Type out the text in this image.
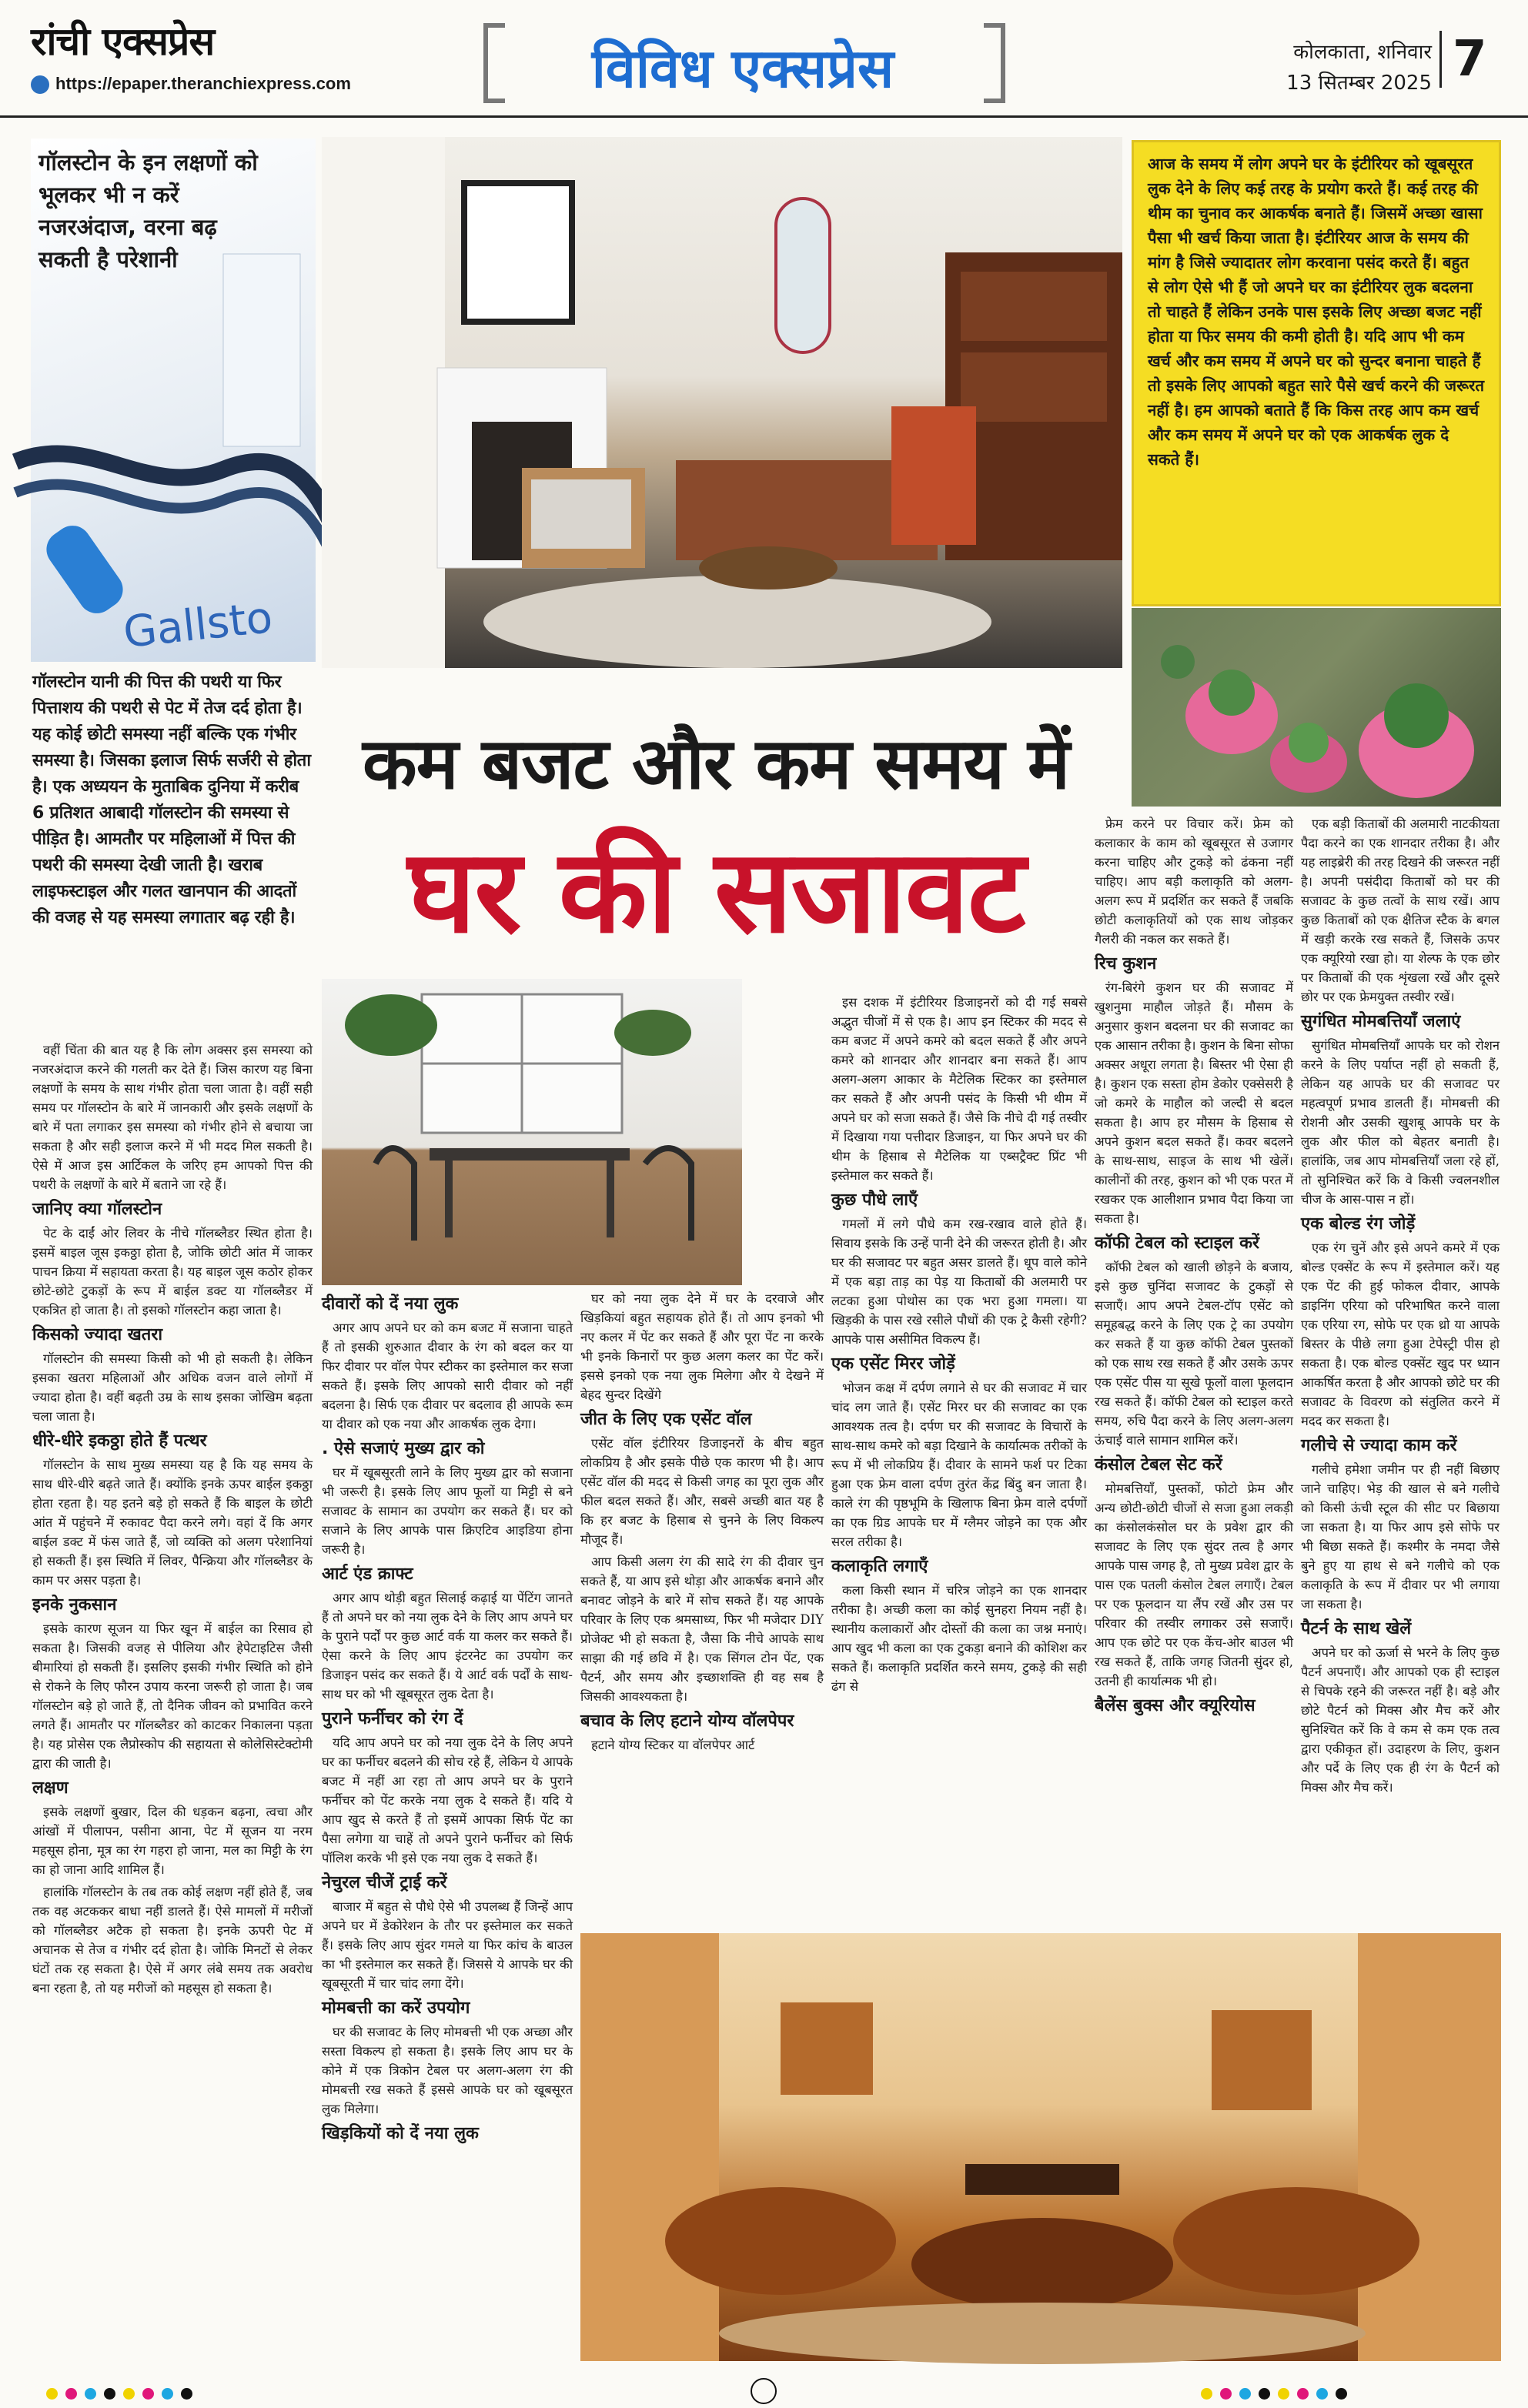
रांची एक्सप्रेस
https://epaper.theranchiexpress.com	विविध एक्सप्रेस	कोलकाता, शनिवार
13 सितम्बर 2025 7
Gallsto
गॉलस्टोन के इन लक्षणों को भूलकर भी न करें नजरअंदाज, वरना बढ़ सकती है परेशानी
गॉलस्टोन यानी की पित्त की पथरी या फिर पित्ताशय की पथरी से पेट में तेज दर्द होता है। यह कोई छोटी समस्या नहीं बल्कि एक गंभीर समस्या है। जिसका इलाज सिर्फ सर्जरी से होता है। एक अध्ययन के मुताबिक दुनिया में करीब 6 प्रतिशत आबादी गॉलस्टोन की समस्या से पीड़ित है। आमतौर पर महिलाओं में पित्त की पथरी की समस्या देखी जाती है। खराब लाइफस्टाइल और गलत खानपान की आदतों की वजह से यह समस्या लगातार बढ़ रही है।

वहीं चिंता की बात यह है कि लोग अक्सर इस समस्या को नजरअंदाज करने की गलती कर देते हैं। जिस कारण यह बिना लक्षणों के समय के साथ गंभीर होता चला जाता है। वहीं सही समय पर गॉलस्टोन के बारे में जानकारी और इसके लक्षणों के बारे में पता लगाकर इस समस्या को गंभीर होने से बचाया जा सकता है और सही इलाज करने में भी मदद मिल सकती है। ऐसे में आज इस आर्टिकल के जरिए हम आपको पित्त की पथरी के लक्षणों के बारे में बताने जा रहे हैं।

जानिए क्या गॉलस्टोन

पेट के दाईं ओर लिवर के नीचे गॉलब्लैडर स्थित होता है। इसमें बाइल जूस इकठ्ठा होता है, जोकि छोटी आंत में जाकर पाचन क्रिया में सहायता करता है। यह बाइल जूस कठोर होकर छोटे-छोटे टुकड़ों के रूप में बाईल डक्ट या गॉलब्लैडर में एकत्रित हो जाता है। तो इसको गॉलस्टोन कहा जाता है।

किसको ज्यादा खतरा

गॉलस्टोन की समस्या किसी को भी हो सकती है। लेकिन इसका खतरा महिलाओं और अधिक वजन वाले लोगों में ज्यादा होता है। वहीं बढ़ती उम्र के साथ इसका जोखिम बढ़ता चला जाता है।

धीरे-धीरे इकठ्ठा होते हैं पत्थर

गॉलस्टोन के साथ मुख्य समस्या यह है कि यह समय के साथ धीरे-धीरे बढ़ते जाते हैं। क्योंकि इनके ऊपर बाईल इकठ्ठा होता रहता है। यह इतने बड़े हो सकते हैं कि बाइल के छोटी आंत में पहुंचने में रुकावट पैदा करने लगे। वहां दें कि अगर बाईल डक्ट में फंस जाते हैं, जो व्यक्ति को अलग परेशानियां हो सकती हैं। इस स्थिति में लिवर, पैन्क्रिया और गॉलब्लैडर के काम पर असर पड़ता है।

इनके नुकसान

इसके कारण सूजन या फिर खून में बाईल का रिसाव हो सकता है। जिसकी वजह से पीलिया और हेपेटाइटिस जैसी बीमारियां हो सकती हैं। इसलिए इसकी गंभीर स्थिति को होने से रोकने के लिए फौरन उपाय करना जरूरी हो जाता है। जब गॉलस्टोन बड़े हो जाते हैं, तो दैनिक जीवन को प्रभावित करने लगते हैं। आमतौर पर गॉलब्लैडर को काटकर निकालना पड़ता है। यह प्रोसेस एक लैप्रोस्कोप की सहायता से कोलेसिस्टेक्टोमी द्वारा की जाती है।

लक्षण

इसके लक्षणों बुखार, दिल की धड़कन बढ़ना, त्वचा और आंखों में पीलापन, पसीना आना, पेट में सूजन या नरम महसूस होना, मूत्र का रंग गहरा हो जाना, मल का मिट्टी के रंग का हो जाना आदि शामिल हैं।

हालांकि गॉलस्टोन के तब तक कोई लक्षण नहीं होते हैं, जब तक वह अटककर बाधा नहीं डालते हैं। ऐसे मामलों में मरीजों को गॉलब्लैडर अटैक हो सकता है। इनके ऊपरी पेट में अचानक से तेज व गंभीर दर्द होता है। जोकि मिनटों से लेकर घंटों तक रह सकता है। ऐसे में अगर लंबे समय तक अवरोध बना रहता है, तो यह मरीजों को महसूस हो सकता है।

आज के समय में लोग अपने घर के इंटीरियर को खूबसूरत लुक देने के लिए कई तरह के प्रयोग करते हैं। कई तरह की थीम का चुनाव कर आकर्षक बनाते हैं। जिसमें अच्छा खासा पैसा भी खर्च किया जाता है। इंटीरियर आज के समय की मांग है जिसे ज्यादातर लोग करवाना पसंद करते हैं। बहुत से लोग ऐसे भी हैं जो अपने घर का इंटीरियर लुक बदलना तो चाहते हैं लेकिन उनके पास इसके लिए अच्छा बजट नहीं होता या फिर समय की कमी होती है। यदि आप भी कम खर्च और कम समय में अपने घर को सुन्दर बनाना चाहते हैं तो इसके लिए आपको बहुत सारे पैसे खर्च करने की जरूरत नहीं है। हम आपको बताते हैं कि किस तरह आप कम खर्च और कम समय में अपने घर को एक आकर्षक लुक दे सकते हैं।
कम बजट और कम समय में
घर की सजावट
दीवारों को दें नया लुक

अगर आप अपने घर को कम बजट में सजाना चाहते हैं तो इसकी शुरुआत दीवार के रंग को बदल कर या फिर दीवार पर वॉल पेपर स्टीकर का इस्तेमाल कर सजा सकते हैं। इसके लिए आपको सारी दीवार को नहीं बदलना है। सिर्फ एक दीवार पर बदलाव ही आपके रूम या दीवार को एक नया और आकर्षक लुक देगा।

. ऐसे सजाएं मुख्य द्वार को

घर में खूबसूरती लाने के लिए मुख्य द्वार को सजाना भी जरूरी है। इसके लिए आप फूलों या मिट्टी से बने सजावट के सामान का उपयोग कर सकते हैं। घर को सजाने के लिए आपके पास क्रिएटिव आइडिया होना जरूरी है।

आर्ट एंड क्राफ्ट

अगर आप थोड़ी बहुत सिलाई कढ़ाई या पेंटिंग जानते हैं तो अपने घर को नया लुक देने के लिए आप अपने घर के पुराने पर्दों पर कुछ आर्ट वर्क या कलर कर सकते हैं। ऐसा करने के लिए आप इंटरनेट का उपयोग कर डिजाइन पसंद कर सकते हैं। ये आर्ट वर्क पर्दों के साथ-साथ घर को भी खूबसूरत लुक देता है।

पुराने फर्नीचर को रंग दें

यदि आप अपने घर को नया लुक देने के लिए अपने घर का फर्नीचर बदलने की सोच रहे हैं, लेकिन ये आपके बजट में नहीं आ रहा तो आप अपने घर के पुराने फर्नीचर को पेंट करके नया लुक दे सकते हैं। यदि ये आप खुद से करते हैं तो इसमें आपका सिर्फ पेंट का पैसा लगेगा या चाहें तो अपने पुराने फर्नीचर को सिर्फ पॉलिश करके भी इसे एक नया लुक दे सकते हैं।

नेचुरल चीजें ट्राई करें

बाजार में बहुत से पौधे ऐसे भी उपलब्ध हैं जिन्हें आप अपने घर में डेकोरेशन के तौर पर इस्तेमाल कर सकते हैं। इसके लिए आप सुंदर गमले या फिर कांच के बाउल का भी इस्तेमाल कर सकते हैं। जिससे ये आपके घर की खूबसूरती में चार चांद लगा देंगे।

मोमबत्ती का करें उपयोग

घर की सजावट के लिए मोमबत्ती भी एक अच्छा और सस्ता विकल्प हो सकता है। इसके लिए आप घर के कोने में एक त्रिकोन टेबल पर अलग-अलग रंग की मोमबत्ती रख सकते हैं इससे आपके घर को खूबसूरत लुक मिलेगा।

खिड़कियों को दें नया लुक

घर को नया लुक देने में घर के दरवाजे और खिड़कियां बहुत सहायक होते हैं। तो आप इनको भी नए कलर में पेंट कर सकते हैं और पूरा पेंट ना करके भी इनके किनारों पर कुछ अलग कलर का पेंट करें। इससे इनको एक नया लुक मिलेगा और ये देखने में बेहद सुन्दर दिखेंगे

जीत के लिए एक एसेंट वॉल

एसेंट वॉल इंटीरियर डिजाइनरों के बीच बहुत लोकप्रिय है और इसके पीछे एक कारण भी है। आप एसेंट वॉल की मदद से किसी जगह का पूरा लुक और फील बदल सकते हैं। और, सबसे अच्छी बात यह है कि हर बजट के हिसाब से चुनने के लिए विकल्प मौजूद हैं।

आप किसी अलग रंग की सादे रंग की दीवार चुन सकते हैं, या आप इसे थोड़ा और आकर्षक बनाने और बनावट जोड़ने के बारे में सोच सकते हैं। यह आपके परिवार के लिए एक श्रमसाध्य, फिर भी मजेदार DIY प्रोजेक्ट भी हो सकता है, जैसा कि नीचे आपके साथ साझा की गई छवि में है। एक सिंगल टोन पेंट, एक पैटर्न, और समय और इच्छाशक्ति ही वह सब है जिसकी आवश्यकता है।

बचाव के लिए हटाने योग्य वॉलपेपर

हटाने योग्य स्टिकर या वॉलपेपर आर्ट

इस दशक में इंटीरियर डिजाइनरों को दी गई सबसे अद्भुत चीजों में से एक है। आप इन स्टिकर की मदद से कम बजट में अपने कमरे को बदल सकते हैं और अपने कमरे को शानदार और शानदार बना सकते हैं। आप अलग-अलग आकार के मैटेलिक स्टिकर का इस्तेमाल कर सकते हैं और अपनी पसंद के किसी भी थीम में अपने घर को सजा सकते हैं। जैसे कि नीचे दी गई तस्वीर में दिखाया गया पत्तीदार डिजाइन, या फिर अपने घर की थीम के हिसाब से मैटेलिक या एब्सट्रैक्ट प्रिंट भी इस्तेमाल कर सकते हैं।

कुछ पौधे लाएँ

गमलों में लगे पौधे कम रख-रखाव वाले होते हैं। सिवाय इसके कि उन्हें पानी देने की जरूरत होती है। और घर की सजावट पर बहुत असर डालते हैं। धूप वाले कोने में एक बड़ा ताड़ का पेड़ या किताबों की अलमारी पर लटका हुआ पोथोस का एक भरा हुआ गमला। या खिड़की के पास रखे रसीले पौधों की एक ट्रे कैसी रहेगी? आपके पास असीमित विकल्प हैं।

एक एसेंट मिरर जोड़ें

भोजन कक्ष में दर्पण लगाने से घर की सजावट में चार चांद लग जाते हैं। एसेंट मिरर घर की सजावट का एक आवश्यक तत्व है। दर्पण घर की सजावट के विचारों के साथ-साथ कमरे को बड़ा दिखाने के कार्यात्मक तरीकों के रूप में भी लोकप्रिय हैं। दीवार के सामने फर्श पर टिका हुआ एक फ्रेम वाला दर्पण तुरंत केंद्र बिंदु बन जाता है। काले रंग की पृष्ठभूमि के खिलाफ बिना फ्रेम वाले दर्पणों का एक ग्रिड आपके घर में ग्लैमर जोड़ने का एक और सरल तरीका है।

कलाकृति लगाएँ

कला किसी स्थान में चरित्र जोड़ने का एक शानदार तरीका है। अच्छी कला का कोई सुनहरा नियम नहीं है। स्थानीय कलाकारों और दोस्तों की कला का जश्न मनाएं। आप खुद भी कला का एक टुकड़ा बनाने की कोशिश कर सकते हैं। कलाकृति प्रदर्शित करने समय, टुकड़े की सही ढंग से

फ्रेम करने पर विचार करें। फ्रेम को कलाकार के काम को खूबसूरत से उजागर करना चाहिए और टुकड़े को ढंकना नहीं चाहिए। आप बड़ी कलाकृति को अलग-अलग रूप में प्रदर्शित कर सकते हैं जबकि छोटी कलाकृतियों को एक साथ जोड़कर गैलरी की नकल कर सकते हैं।

रिच कुशन

रंग-बिरंगे कुशन घर की सजावट में खुशनुमा माहौल जोड़ते हैं। मौसम के अनुसार कुशन बदलना घर की सजावट का एक आसान तरीका है। कुशन के बिना सोफा अक्सर अधूरा लगता है। बिस्तर भी ऐसा ही है। कुशन एक सस्ता होम डेकोर एक्सेसरी है जो कमरे के माहौल को जल्दी से बदल सकता है। आप हर मौसम के हिसाब से अपने कुशन बदल सकते हैं। कवर बदलने के साथ-साथ, साइज के साथ भी खेलें। कालीनों की तरह, कुशन को भी एक परत में रखकर एक आलीशान प्रभाव पैदा किया जा सकता है।

कॉफी टेबल को स्टाइल करें

कॉफी टेबल को खाली छोड़ने के बजाय, इसे कुछ चुनिंदा सजावट के टुकड़ों से सजाएँ। आप अपने टेबल-टॉप एसेंट को समूहबद्ध करने के लिए एक ट्रे का उपयोग कर सकते हैं या कुछ कॉफी टेबल पुस्तकों को एक साथ रख सकते हैं और उसके ऊपर एक एसेंट पीस या सूखे फूलों वाला फूलदान रख सकते हैं। कॉफी टेबल को स्टाइल करते समय, रुचि पैदा करने के लिए अलग-अलग ऊंचाई वाले सामान शामिल करें।

कंसोल टेबल सेट करें

मोमबत्तियाँ, पुस्तकों, फोटो फ्रेम और अन्य छोटी-छोटी चीजों से सजा हुआ लकड़ी का कंसोलकंसोल घर के प्रवेश द्वार की सजावट के लिए एक सुंदर तत्व है अगर आपके पास जगह है, तो मुख्य प्रवेश द्वार के पास एक पतली कंसोल टेबल लगाएँ। टेबल पर एक फूलदान या लैंप रखें और उस पर परिवार की तस्वीर लगाकर उसे सजाएँ। आप एक छोटे पर एक केंच-ओर बाउल भी रख सकते हैं, ताकि जगह जितनी सुंदर हो, उतनी ही कार्यात्मक भी हो।

बैलेंस बुक्स और क्यूरियोस

एक बड़ी किताबों की अलमारी नाटकीयता पैदा करने का एक शानदार तरीका है। और यह लाइब्रेरी की तरह दिखने की जरूरत नहीं है। अपनी पसंदीदा किताबों को घर की सजावट के कुछ तत्वों के साथ रखें। आप कुछ किताबों को एक क्षैतिज स्टैक के बगल में खड़ी करके रख सकते हैं, जिसके ऊपर एक क्यूरियो रखा हो। या शेल्फ के एक छोर पर किताबों की एक शृंखला रखें और दूसरे छोर पर एक फ्रेमयुक्त तस्वीर रखें।

सुगंधित मोमबत्तियाँ जलाएं

सुगंधित मोमबत्तियाँ आपके घर को रोशन करने के लिए पर्याप्त नहीं हो सकती हैं, लेकिन यह आपके घर की सजावट पर महत्वपूर्ण प्रभाव डालती हैं। मोमबत्ती की रोशनी और उसकी खुशबू आपके घर के लुक और फील को बेहतर बनाती है। हालांकि, जब आप मोमबत्तियाँ जला रहे हों, तो सुनिश्चित करें कि वे किसी ज्वलनशील चीज के आस-पास न हों।

एक बोल्ड रंग जोड़ें

एक रंग चुनें और इसे अपने कमरे में एक बोल्ड एक्सेंट के रूप में इस्तेमाल करें। यह एक पेंट की हुई फोकल दीवार, आपके डाइनिंग एरिया को परिभाषित करने वाला एक एरिया रग, सोफे पर एक थ्रो या आपके बिस्तर के पीछे लगा हुआ टेपेस्ट्री पीस हो सकता है। एक बोल्ड एक्सेंट खुद पर ध्यान आकर्षित करता है और आपको छोटे घर की सजावट के विवरण को संतुलित करने में मदद कर सकता है।

गलीचे से ज्यादा काम करें

गलीचे हमेशा जमीन पर ही नहीं बिछाए जाने चाहिए। भेड़ की खाल से बने गलीचे को किसी ऊंची स्टूल की सीट पर बिछाया जा सकता है। या फिर आप इसे सोफे पर भी बिछा सकते हैं। कश्मीर के नमदा जैसे बुने हुए या हाथ से बने गलीचे को एक कलाकृति के रूप में दीवार पर भी लगाया जा सकता है।

पैटर्न के साथ खेलें

अपने घर को ऊर्जा से भरने के लिए कुछ पैटर्न अपनाएँ। और आपको एक ही स्टाइल से चिपके रहने की जरूरत नहीं है। बड़े और छोटे पैटर्न को मिक्स और मैच करें और सुनिश्चित करें कि वे कम से कम एक तत्व द्वारा एकीकृत हों। उदाहरण के लिए, कुशन और पर्दे के लिए एक ही रंग के पैटर्न को मिक्स और मैच करें।
